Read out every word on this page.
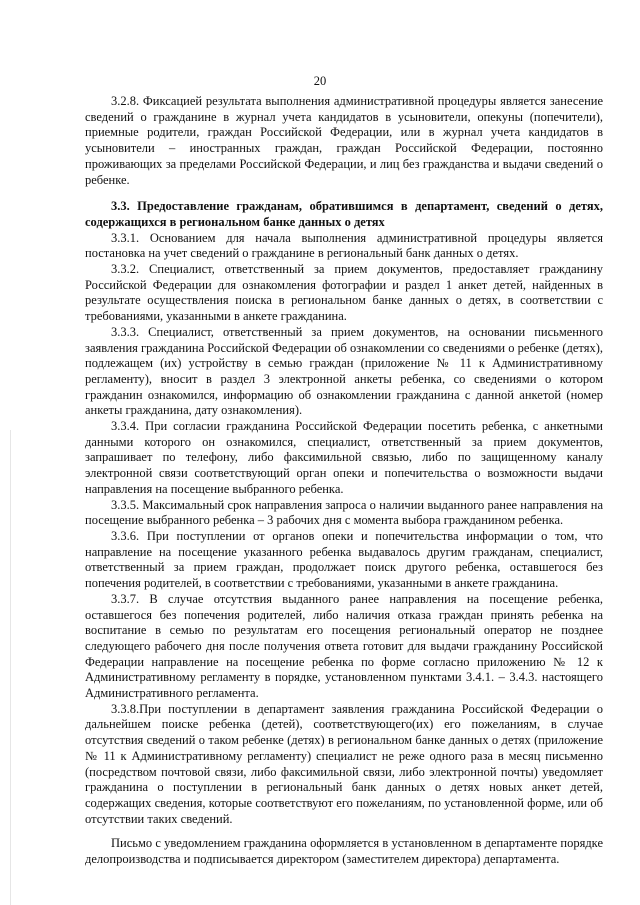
20

3.2.8. Фиксацией результата выполнения административной процедуры является занесение сведений о гражданине в журнал учета кандидатов в усыновители, опекуны (попечители), приемные родители, граждан Российской Федерации, или в журнал учета кандидатов в усыновители – иностранных граждан, граждан Российской Федерации, постоянно проживающих за пределами Российской Федерации, и лиц без гражданства и выдачи сведений о ребенке.

3.3. Предоставление гражданам, обратившимся в департамент, сведений о детях, содержащихся в региональном банке данных о детях

3.3.1. Основанием для начала выполнения административной процедуры является постановка на учет сведений о гражданине в региональный банк данных о детях.

3.3.2. Специалист, ответственный за прием документов, предоставляет гражданину Российской Федерации для ознакомления фотографии и раздел 1 анкет детей, найденных в результате осуществления поиска в региональном банке данных о детях, в соответствии с требованиями, указанными в анкете гражданина.

3.3.3. Специалист, ответственный за прием документов, на основании письменного заявления гражданина Российской Федерации об ознакомлении со сведениями о ребенке (детях), подлежащем (их) устройству в семью граждан (приложение № 11 к Административному регламенту), вносит в раздел 3 электронной анкеты ребенка, со сведениями о котором гражданин ознакомился, информацию об ознакомлении гражданина с данной анкетой (номер анкеты гражданина, дату ознакомления).

3.3.4. При согласии гражданина Российской Федерации посетить ребенка, с анкетными данными которого он ознакомился, специалист, ответственный за прием документов, запрашивает по телефону, либо факсимильной связью, либо по защищенному каналу электронной связи соответствующий орган опеки и попечительства о возможности выдачи направления на посещение выбранного ребенка.

3.3.5. Максимальный срок направления запроса о наличии выданного ранее направления на посещение выбранного ребенка – 3 рабочих дня с момента выбора гражданином ребенка.

3.3.6. При поступлении от органов опеки и попечительства информации о том, что направление на посещение указанного ребенка выдавалось другим гражданам, специалист, ответственный за прием граждан, продолжает поиск другого ребенка, оставшегося без попечения родителей, в соответствии с требованиями, указанными в анкете гражданина.

3.3.7. В случае отсутствия выданного ранее направления на посещение ребенка, оставшегося без попечения родителей, либо наличия отказа граждан принять ребенка на воспитание в семью по результатам его посещения региональный оператор не позднее следующего рабочего дня после получения ответа готовит для выдачи гражданину Российской Федерации направление на посещение ребенка по форме согласно приложению № 12 к Административному регламенту в порядке, установленном пунктами 3.4.1. – 3.4.3. настоящего Административного регламента.

3.3.8.При поступлении в департамент заявления гражданина Российской Федерации о дальнейшем поиске ребенка (детей), соответствующего(их) его пожеланиям, в случае отсутствия сведений о таком ребенке (детях) в региональном банке данных о детях (приложение № 11 к Административному регламенту) специалист не реже одного раза в месяц письменно (посредством почтовой связи, либо факсимильной связи, либо электронной почты) уведомляет гражданина о поступлении в региональный банк данных о детях новых анкет детей, содержащих сведения, которые соответствуют его пожеланиям, по установленной форме, или об отсутствии таких сведений.

Письмо с уведомлением гражданина оформляется в установленном в департаменте порядке делопроизводства и подписывается директором (заместителем директора) департамента.
